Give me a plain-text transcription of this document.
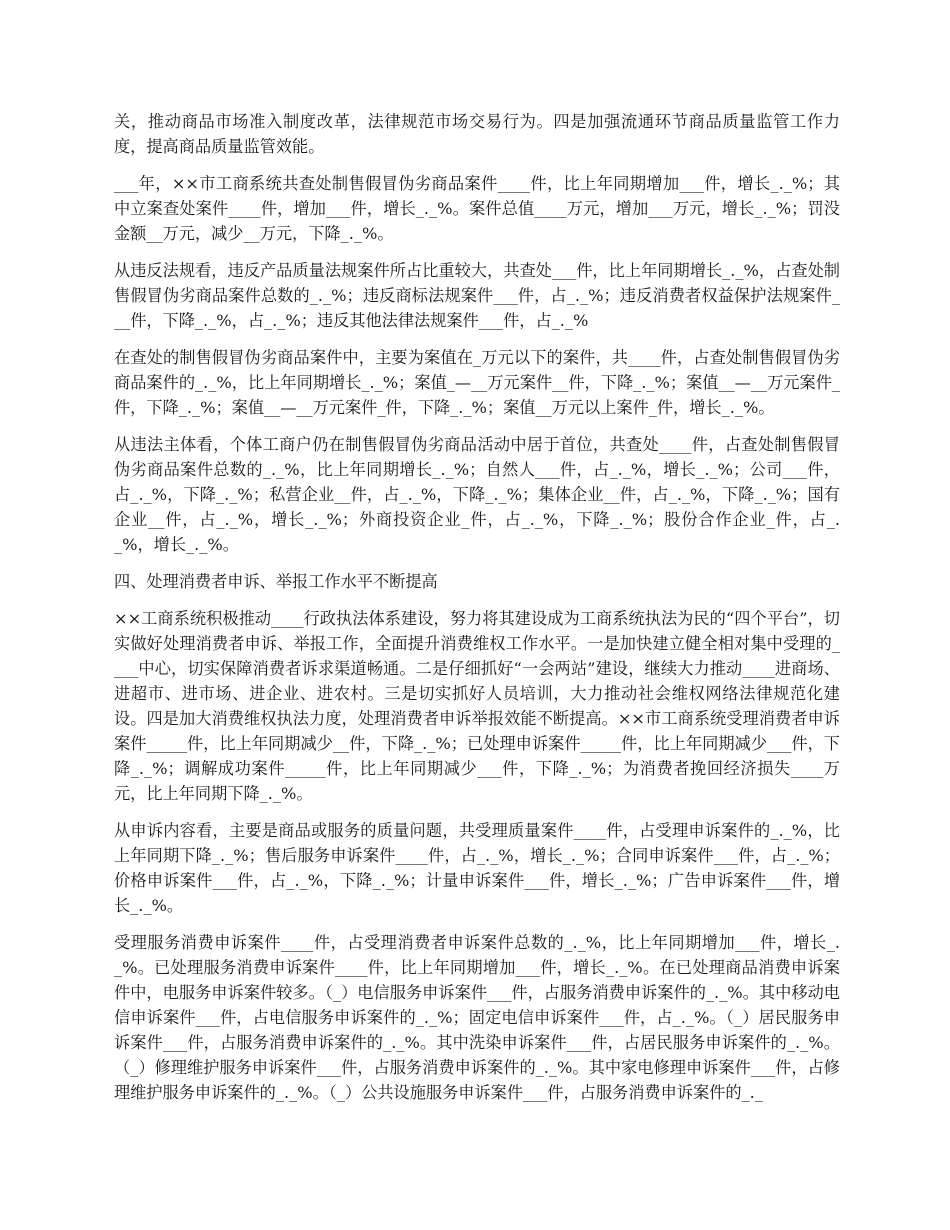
关，推动商品市场准入制度改革，法律规范市场交易行为。四是加强流通环节商品质量监管工作力度，提高商品质量监管效能。

___年，××市工商系统共查处制售假冒伪劣商品案件____件，比上年同期增加___件，增长_._%；其中立案查处案件____件，增加___件，增长_._%。案件总值____万元，增加___万元，增长_._%；罚没金额__万元，减少__万元，下降_._%。

从违反法规看，违反产品质量法规案件所占比重较大，共查处___件，比上年同期增长_._%，占查处制售假冒伪劣商品案件总数的_._%；违反商标法规案件___件，占_._%；违反消费者权益保护法规案件___件，下降_._%，占_._%；违反其他法律法规案件___件，占_._%

在查处的制售假冒伪劣商品案件中，主要为案值在_万元以下的案件，共____件，占查处制售假冒伪劣商品案件的_._%，比上年同期增长_._%；案值_—__万元案件__件，下降_._%；案值__—__万元案件_件，下降_._%；案值__—__万元案件_件，下降_._%；案值__万元以上案件_件，增长_._%。

从违法主体看，个体工商户仍在制售假冒伪劣商品活动中居于首位，共查处____件，占查处制售假冒伪劣商品案件总数的_._%，比上年同期增长_._%；自然人___件，占_._%，增长_._%；公司___件，占_._%，下降_._%；私营企业__件，占_._%，下降_._%；集体企业__件，占_._%，下降_._%；国有企业__件，占_._%，增长_._%；外商投资企业_件，占_._%，下降_._%；股份合作企业_件，占_._%，增长_._%。

四、处理消费者申诉、举报工作水平不断提高

××工商系统积极推动____行政执法体系建设，努力将其建设成为工商系统执法为民的“四个平台”，切实做好处理消费者申诉、举报工作，全面提升消费维权工作水平。一是加快建立健全相对集中受理的____中心，切实保障消费者诉求渠道畅通。二是仔细抓好“一会两站”建设，继续大力推动____进商场、进超市、进市场、进企业、进农村。三是切实抓好人员培训，大力推动社会维权网络法律规范化建设。四是加大消费维权执法力度，处理消费者申诉举报效能不断提高。××市工商系统受理消费者申诉案件_____件，比上年同期减少__件，下降_._%；已处理申诉案件_____件，比上年同期减少___件，下降_._%；调解成功案件_____件，比上年同期减少___件，下降_._%；为消费者挽回经济损失____万元，比上年同期下降_._%。

从申诉内容看，主要是商品或服务的质量问题，共受理质量案件____件，占受理申诉案件的_._%，比上年同期下降_._%；售后服务申诉案件____件，占_._%，增长_._%；合同申诉案件___件，占_._%；价格申诉案件___件，占_._%，下降_._%；计量申诉案件___件，增长_._%；广告申诉案件___件，增长_._%。

受理服务消费申诉案件____件，占受理消费者申诉案件总数的_._%，比上年同期增加___件，增长_._%。已处理服务消费申诉案件____件，比上年同期增加___件，增长_._%。在已处理商品消费申诉案件中，电服务申诉案件较多。（_）电信服务申诉案件___件，占服务消费申诉案件的_._%。其中移动电信申诉案件___件，占电信服务申诉案件的_._%；固定电信申诉案件___件，占_._%。（_）居民服务申诉案件___件，占服务消费申诉案件的_._%。其中洗染申诉案件___件，占居民服务申诉案件的_._%。（_）修理维护服务申诉案件___件，占服务消费申诉案件的_._%。其中家电修理申诉案件___件，占修理维护服务申诉案件的_._%。（_）公共设施服务申诉案件___件，占服务消费申诉案件的_._
